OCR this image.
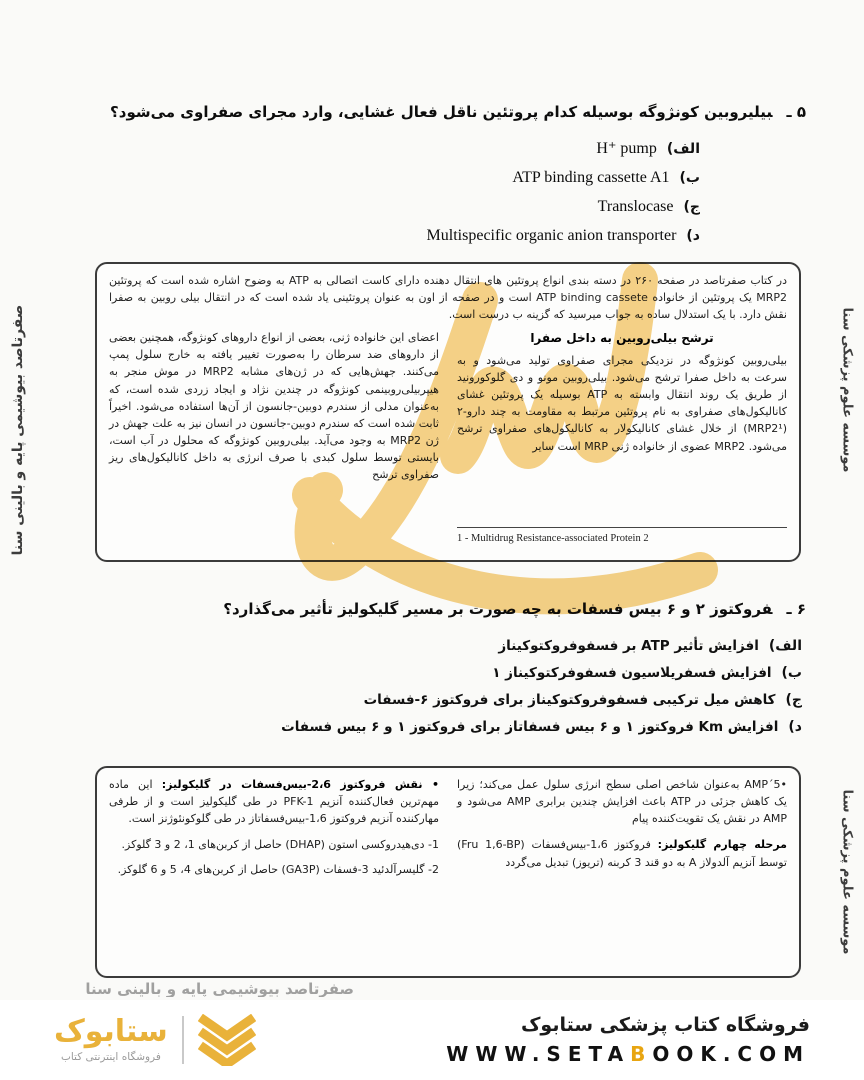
صفرتاصد بیوشیمی پایه و بالینی سنا	موسسه علوم پزشکی سنا
موسسه علوم پزشکی سنا
۵ ـبیلیروبین کونژوگه بوسیله کدام پروتئین ناقل فعال غشایی، وارد مجرای صفراوی می‌شود؟
الف)
H⁺ pump
ب)
ATP binding cassette A1
ج)
Translocase
د)
Multispecific organic anion transporter

در کتاب صفرتاصد در صفحه ۲۶۰ در دسته بندی انواع پروتئین های انتقال دهنده دارای کاست اتصالی به ATP به وضوح اشاره شده است که پروتئین MRP2 یک پروتئین از خانواده ATP binding cassete است و در صفحه از اون به عنوان پروتئینی یاد شده است که در انتقال بیلی روبین به صفرا نقش دارد. با یک استدلال ساده به جواب میرسید که گزینه ب درست است.

ترشح بیلی‌روبین به داخل صفرا
بیلی‌روبین کونژوگه در نزدیکی مجرای صفراوی تولید می‌شود و به سرعت به داخل صفرا ترشح می‌شود. بیلی‌روبین مونو و دی گلوکورونید از طریق یک روند انتقال وابسته به ATP بوسیله یک پروتئین غشای کانالیکول‌های صفراوی به نام پروتئین مرتبط به مقاومت به چند دارو-۲ (MRP2¹) از خلال غشای کانالیکولار به کانالیکول‌های صفراوی ترشح می‌شود. MRP2 عضوی از خانواده ژنی MRP است سایر
1 - Multidrug Resistance-associated Protein 2
اعضای این خانواده ژنی، بعضی از انواع داروهای کونژوگه، همچنین بعضی از داروهای ضد سرطان را به‌صورت تغییر یافته به خارج سلول پمپ می‌کنند. جهش‌هایی که در ژن‌های مشابه MRP2 در موش منجر به هیپربیلی‌روبینمی کونژوگه در چندین نژاد و ایجاد زردی شده است، که به‌عنوان مدلی از سندرم دوبین-جانسون از آن‌ها استفاده می‌شود. اخیراً ثابت شده است که سندرم دوبین-جانسون در انسان نیز به علت جهش در ژن MRP2 به وجود می‌آید. بیلی‌روبین کونژوگه که محلول در آب است، بایستی توسط سلول کبدی با صرف انرژی به داخل کانالیکول‌های ریز صفراوی ترشح
۶ ـفروکتوز ۲ و ۶ بیس فسفات به چه صورت بر مسیر گلیکولیز تأثیر می‌گذارد؟
الف)
افزایش تأثیر ATP بر فسفوفروکتوکیناز
ب)
افزایش فسفریلاسیون فسفوفرکتوکیناز ۱
ج)
کاهش میل ترکیبی فسفوفروکتوکیناز برای فروکتوز ۶-فسفات
د)
افزایش Km فروکتوز ۱ و ۶ بیس فسفاتاز برای فروکتوز ۱ و ۶ بیس فسفات

•5´AMP به‌عنوان شاخص اصلی سطح انرژی سلول عمل می‌کند؛ زیرا یک کاهش جزئی در ATP باعث افزایش چندین برابری AMP می‌شود و AMP در نقش یک تقویت‌کننده پیام

مرحله چهارم گلیکولیز: فروکتوز 1،6-بیس‌فسفات (Fru 1,6-BP) توسط آنزیم آلدولاز A به دو قند 3 کربنه (تریوز) تبدیل می‌گردد

• نقش فروکتوز 2،6-بیس‌فسفات در گلیکولیز: این ماده مهم‌ترین فعال‌کننده آنزیم PFK-1 در طی گلیکولیز است و از طرفی مهارکننده آنزیم فروکتوز 1،6-بیس‌فسفاتاز در طی گلوکونئوژنز است.

1- دی‌هیدروکسی استون (DHAP) حاصل از کربن‌های 1، 2 و 3 گلوکز.
2- گلیسرآلدئید 3-فسفات (GA3P) حاصل از کربن‌های 4، 5 و 6 گلوکز.
صفرتاصد بیوشیمی پایه و بالینی سنا
ستابوک
فروشگاه اینترنتی کتاب
فروشگاه کتاب پزشکی ستابوک
WWW.SETABOOK.COM
